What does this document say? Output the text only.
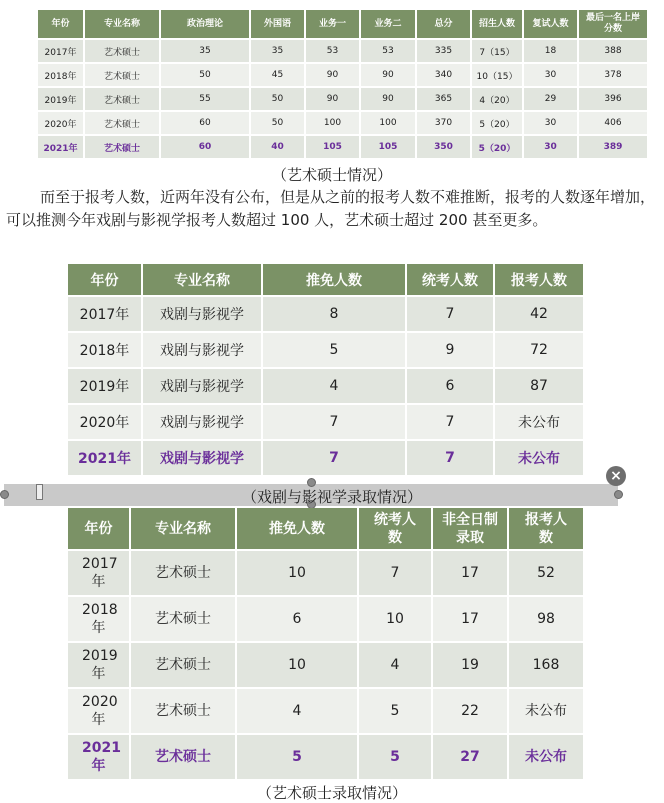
年份	专业名称	政治理论	外国语	业务一	业务二	总分	招生人数	复试人数	最后一名上岸分数
2017年	艺术硕士	35	35	53	53	335	7（15）	18	388
2018年	艺术硕士	50	45	90	90	340	10（15）	30	378
2019年	艺术硕士	55	50	90	90	365	4（20）	29	396
2020年	艺术硕士	60	50	100	100	370	5（20）	30	406
2021年	艺术硕士	60	40	105	105	350	5（20）	30	389
（艺术硕士情况）
而至于报考人数，近两年没有公布，但是从之前的报考人数不难推断，报考的人数逐年增加，可以推测今年戏剧与影视学报考人数超过 100 人，艺术硕士超过 200 甚至更多。
年份	专业名称	推免人数	统考人数	报考人数
2017年	戏剧与影视学	8	7	42
2018年	戏剧与影视学	5	9	72
2019年	戏剧与影视学	4	6	87
2020年	戏剧与影视学	7	7	未公布
2021年	戏剧与影视学	7	7	未公布
×
（戏剧与影视学录取情况）
年份	专业名称	推免人数	统考人数	非全日制录取	报考人数
2017年	艺术硕士	10	7	17	52
2018年	艺术硕士	6	10	17	98
2019年	艺术硕士	10	4	19	168
2020年	艺术硕士	4	5	22	未公布
2021年	艺术硕士	5	5	27	未公布
（艺术硕士录取情况）
